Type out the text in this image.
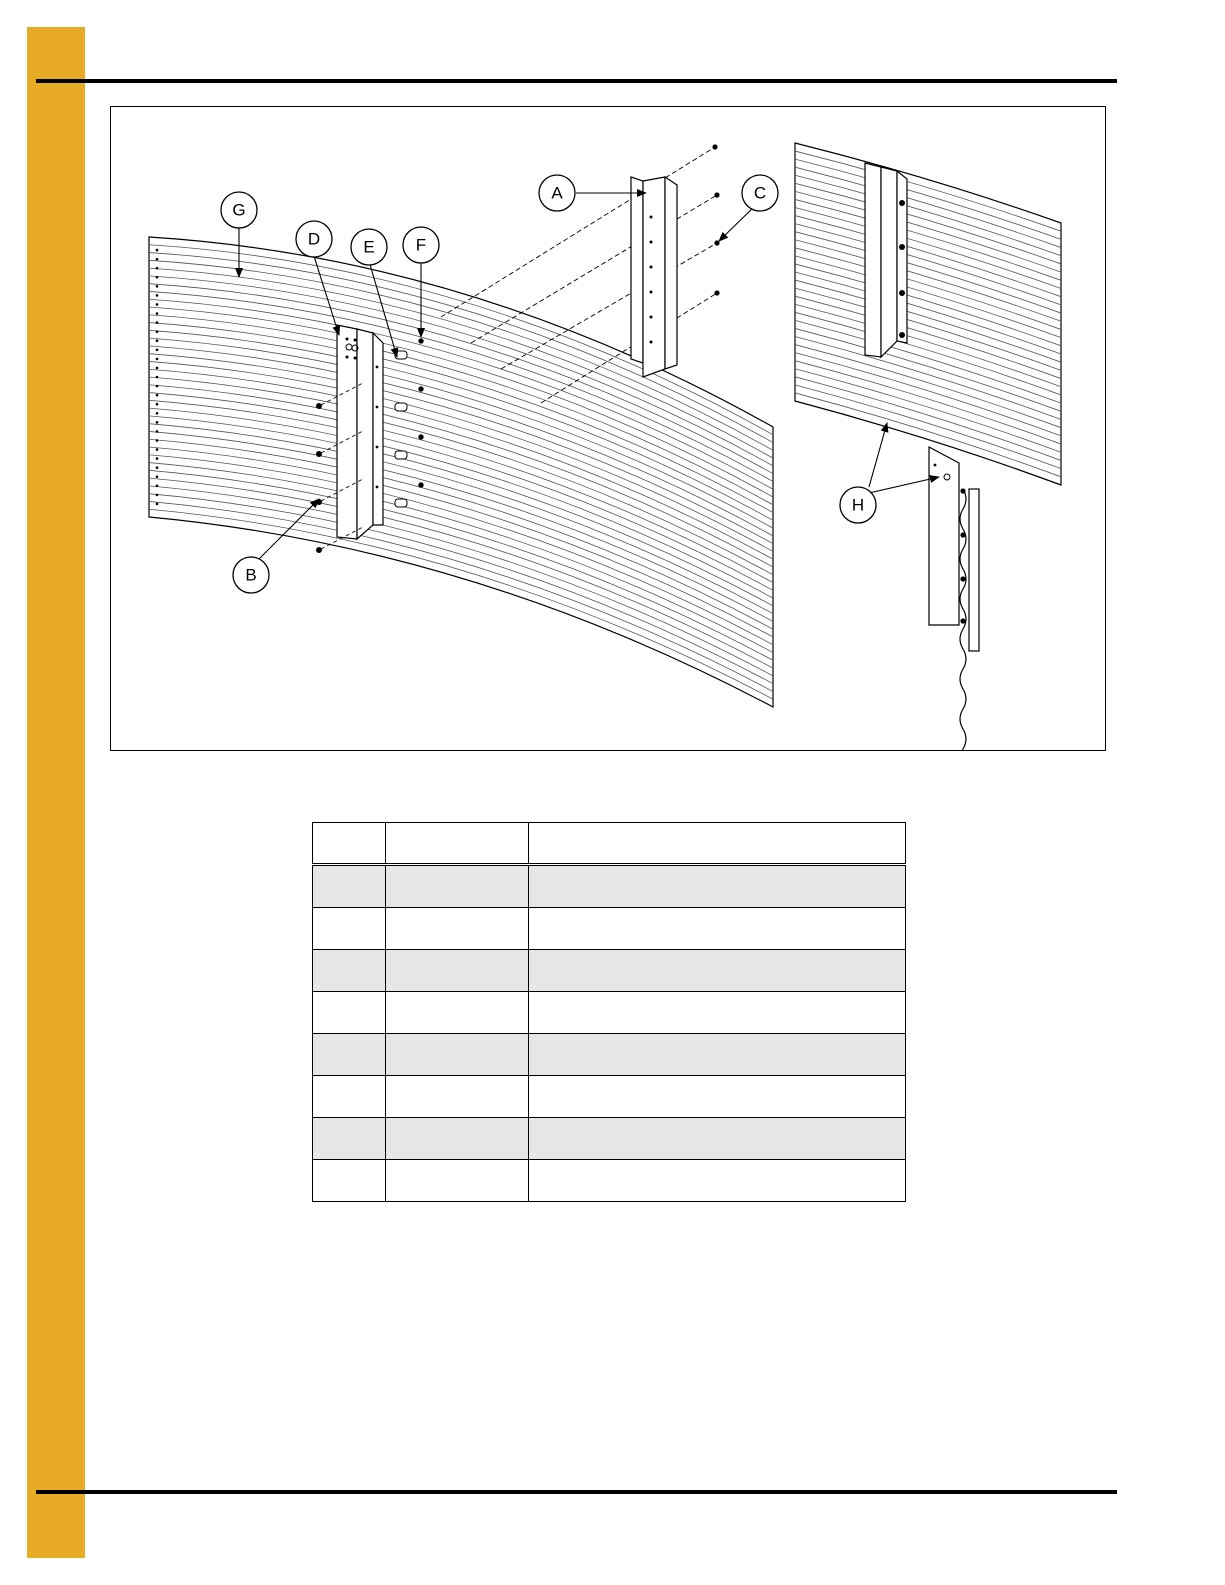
A
B
C
D	E F
G
H
